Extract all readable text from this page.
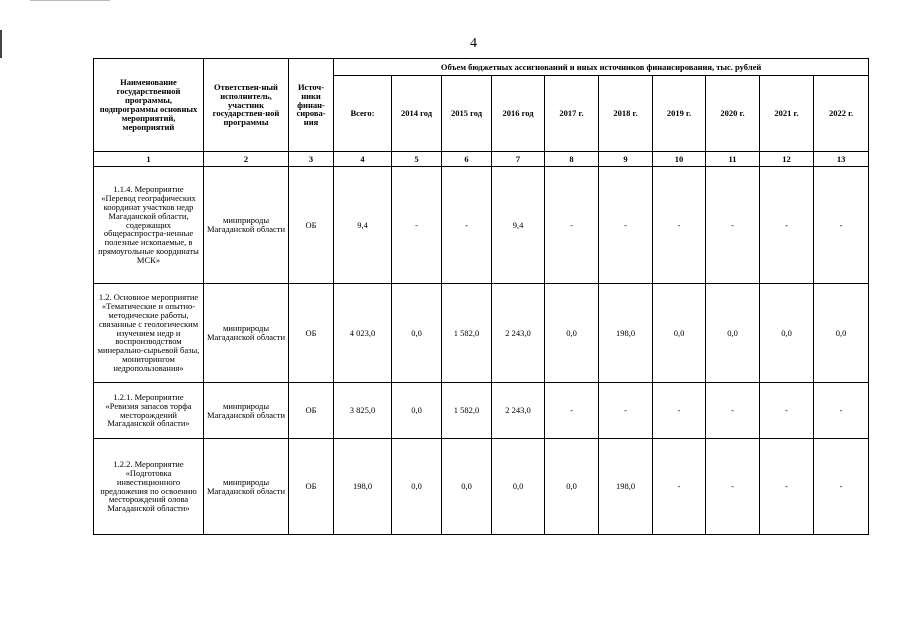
4
Наименование государственной программы, подпрограммы основных мероприятий, мероприятий	Ответствен-ный исполнитель, участник государствен-ной программы	Источ-ники финан-сирова-ния	Объем бюджетных ассигнований и иных источников финансирования, тыс. рублей									
			Всего:	2014 год	2015 год	2016 год	2017 г.	2018 г.	2019 г.	2020 г.	2021 г.	2022 г.
1	2	3	4	5	6	7	8	9	10	11	12	13
1.1.4. Мероприятие «Перевод географических координат участков недр Магаданской области, содержащих общераспростра-ненные полезные ископаемые, в прямоугольные координаты МСК»	минприроды Магаданской области	ОБ	9,4	-	-	9,4	-	-	-	-	-	-
1.2. Основное мероприятие «Тематические и опытно-методические работы, связанные с геологическим изучением недр и воспроизводством минерально-сырьевой базы, мониторингом недропользования»	минприроды Магаданской области	ОБ	4 023,0	0,0	1 582,0	2 243,0	0,0	198,0	0,0	0,0	0,0	0,0
1.2.1. Мероприятие «Ревизия запасов торфа месторождений Магаданской области»	минприроды Магаданской области	ОБ	3 825,0	0,0	1 582,0	2 243,0	-	-	-	-	-	-
1.2.2. Мероприятие «Подготовка инвестиционного предложения по освоению месторождений олова Магаданской области»	минприроды Магаданской области	ОБ	198,0	0,0	0,0	0,0	0,0	198,0	-	-	-	-
